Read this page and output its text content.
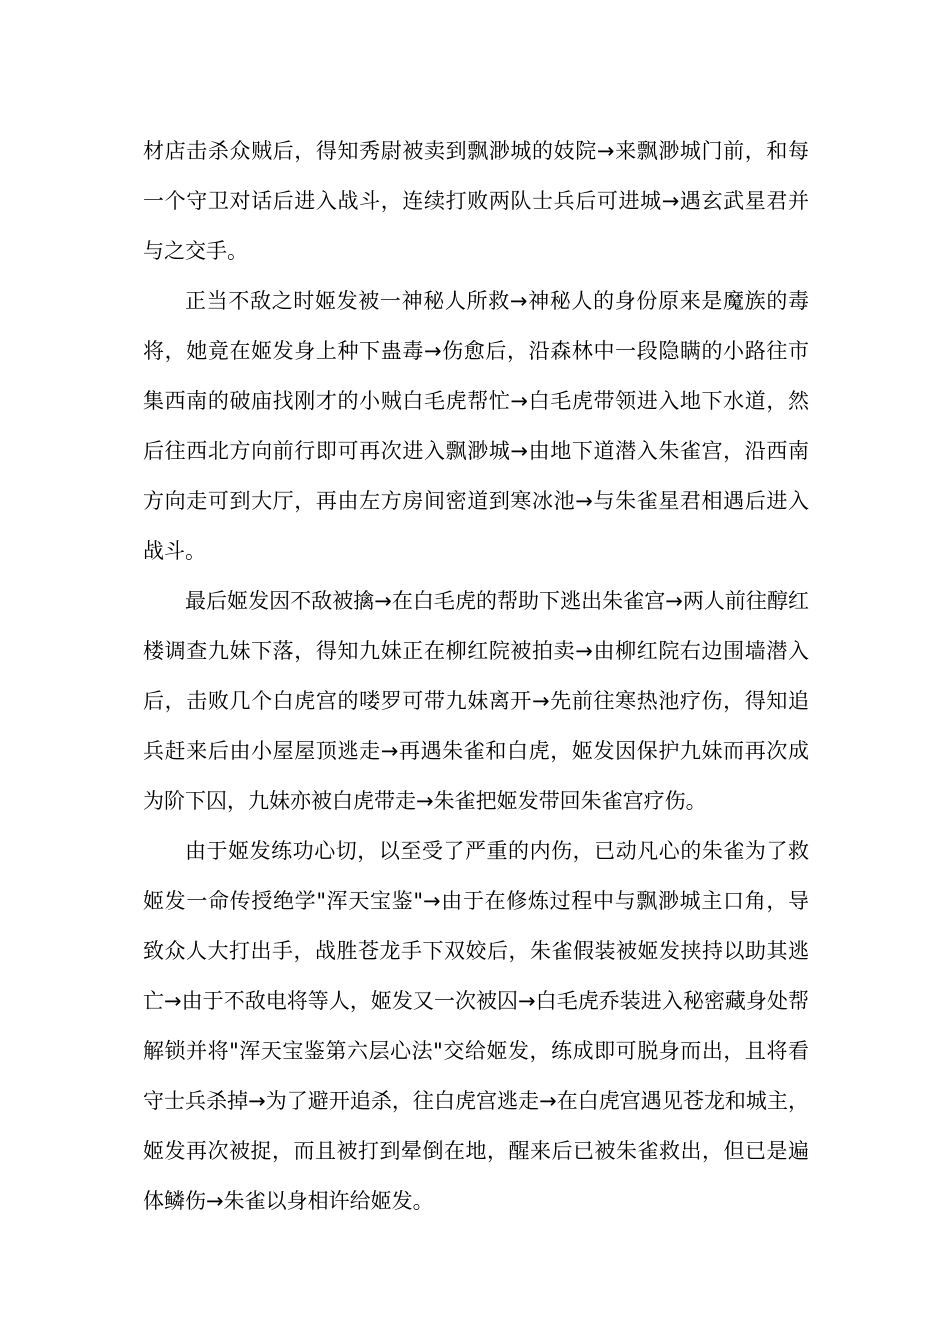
材店击杀众贼后，得知秀尉被卖到飘渺城的妓院→来飘渺城门前，和每一个守卫对话后进入战斗，连续打败两队士兵后可进城→遇玄武星君并与之交手。

正当不敌之时姬发被一神秘人所救→神秘人的身份原来是魔族的毒将，她竟在姬发身上种下蛊毒→伤愈后，沿森林中一段隐瞒的小路往市集西南的破庙找刚才的小贼白毛虎帮忙→白毛虎带领进入地下水道，然后往西北方向前行即可再次进入飘渺城→由地下道潜入朱雀宫，沿西南方向走可到大厅，再由左方房间密道到寒冰池→与朱雀星君相遇后进入战斗。

最后姬发因不敌被擒→在白毛虎的帮助下逃出朱雀宫→两人前往醇红楼调查九妹下落，得知九妹正在柳红院被拍卖→由柳红院右边围墙潜入后，击败几个白虎宫的喽罗可带九妹离开→先前往寒热池疗伤，得知追兵赶来后由小屋屋顶逃走→再遇朱雀和白虎，姬发因保护九妹而再次成为阶下囚，九妹亦被白虎带走→朱雀把姬发带回朱雀宫疗伤。

由于姬发练功心切，以至受了严重的内伤，已动凡心的朱雀为了救姬发一命传授绝学"浑天宝鉴"→由于在修炼过程中与飘渺城主口角，导致众人大打出手，战胜苍龙手下双姣后，朱雀假装被姬发挟持以助其逃亡→由于不敌电将等人，姬发又一次被囚→白毛虎乔装进入秘密藏身处帮解锁并将"浑天宝鉴第六层心法"交给姬发，练成即可脱身而出，且将看守士兵杀掉→为了避开追杀，往白虎宫逃走→在白虎宫遇见苍龙和城主，姬发再次被捉，而且被打到晕倒在地，醒来后已被朱雀救出，但已是遍体鳞伤→朱雀以身相许给姬发。
